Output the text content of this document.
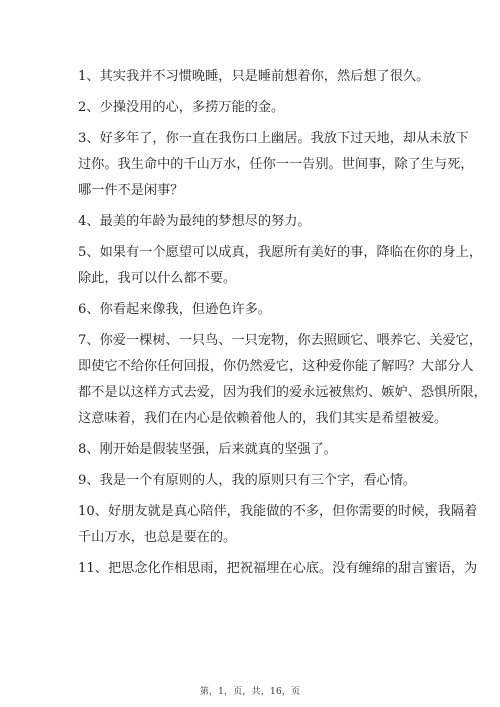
1、其实我并不习惯晚睡，只是睡前想着你，然后想了很久。
2、少操没用的心，多捞万能的金。
3、好多年了，你一直在我伤口上幽居。我放下过天地，却从未放下
过你。我生命中的千山万水，任你一一告别。世间事，除了生与死，
哪一件不是闲事？
4、最美的年龄为最纯的梦想尽的努力。
5、如果有一个愿望可以成真，我愿所有美好的事，降临在你的身上，
除此，我可以什么都不要。
6、你看起来像我，但逊色许多。
7、你爱一棵树、一只鸟、一只宠物，你去照顾它、喂养它、关爱它，
即使它不给你任何回报，你仍然爱它，这种爱你能了解吗？大部分人
都不是以这样方式去爱，因为我们的爱永远被焦灼、嫉妒、恐惧所限，
这意味着，我们在内心是依赖着他人的，我们其实是希望被爱。
8、刚开始是假装坚强，后来就真的坚强了。
9、我是一个有原则的人，我的原则只有三个字，看心情。
10、好朋友就是真心陪伴，我能做的不多，但你需要的时候，我隔着
千山万水，也总是要在的。
11、把思念化作相思雨，把祝福埋在心底。没有缠绵的甜言蜜语，为
第，1，页，共，16，页
